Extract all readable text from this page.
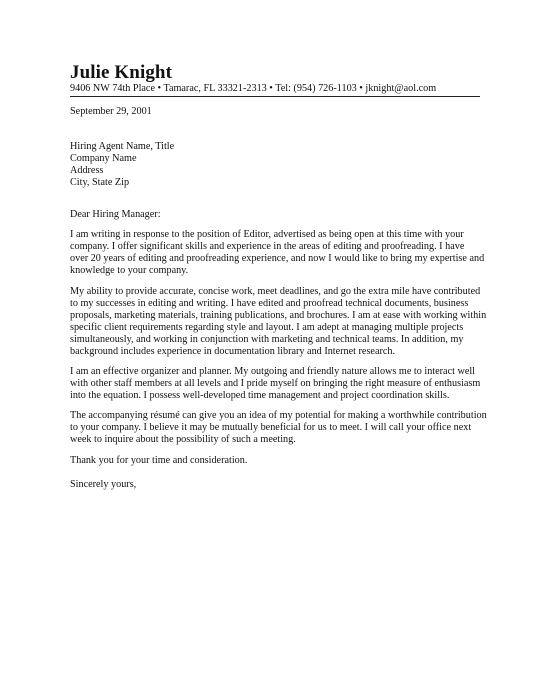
Julie Knight
9406 NW 74th Place • Tamarac, FL 33321-2313 • Tel: (954) 726-1103 • jknight@aol.com
September 29, 2001
Hiring Agent Name, Title
Company Name
Address
City, State Zip
Dear Hiring Manager:
I am writing in response to the position of Editor, advertised as being open at this time with your
company. I offer significant skills and experience in the areas of editing and proofreading. I have
over 20 years of editing and proofreading experience, and now I would like to bring my expertise and
knowledge to your company.
My ability to provide accurate, concise work, meet deadlines, and go the extra mile have contributed
to my successes in editing and writing. I have edited and proofread technical documents, business
proposals, marketing materials, training publications, and brochures. I am at ease with working within
specific client requirements regarding style and layout. I am adept at managing multiple projects
simultaneously, and working in conjunction with marketing and technical teams. In addition, my
background includes experience in documentation library and Internet research.
I am an effective organizer and planner. My outgoing and friendly nature allows me to interact well
with other staff members at all levels and I pride myself on bringing the right measure of enthusiasm
into the equation. I possess well-developed time management and project coordination skills.
The accompanying résumé can give you an idea of my potential for making a worthwhile contribution
to your company. I believe it may be mutually beneficial for us to meet. I will call your office next
week to inquire about the possibility of such a meeting.
Thank you for your time and consideration.
Sincerely yours,
